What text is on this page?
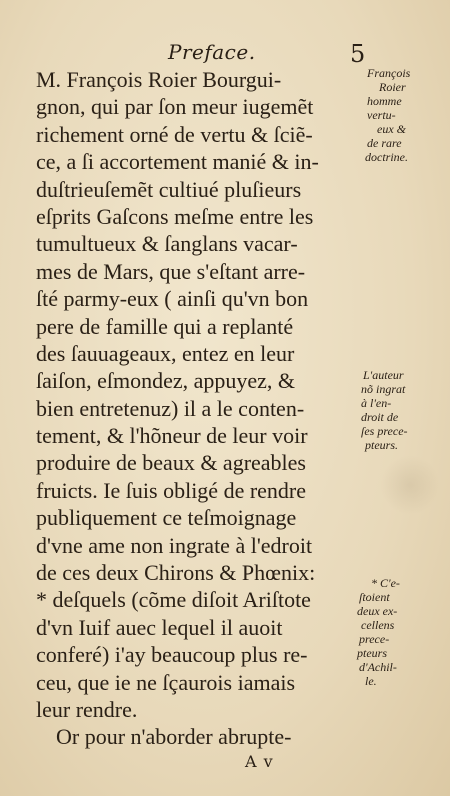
Preface.	5
M. François Roier Bourgui-
gnon, qui par ſon meur iugemẽt
richement orné de vertu & ſciẽ-
ce, a ſi accortement manié & in-
duſtrieuſemẽt cultiué pluſieurs
eſprits Gaſcons meſme entre les
tumultueux & ſanglans vacar-
mes de Mars, que s'eſtant arre-
ſté parmy-eux ( ainſi qu'vn bon
pere de famille qui a replanté
des ſauuageaux, entez en leur
ſaiſon, eſmondez, appuyez, &
bien entretenuz) il a le conten-
tement, & l'hõneur de leur voir
produire de beaux & agreables
fruicts. Ie ſuis obligé de rendre
publiquement ce teſmoignage
d'vne ame non ingrate à l'edroit
de ces deux Chirons & Phœnix:
* deſquels (cõme diſoit Ariſtote
d'vn Iuif auec lequel il auoit
conferé) i'ay beaucoup plus re-
ceu, que ie ne ſçaurois iamais
leur rendre.
Or pour n'aborder abrupte-
François
Roier
homme
vertu-
eux &
de rare
doctrine.
L'auteur
nõ ingrat
à l'en-
droit de
ſes prece-
pteurs.
* C'e-
ſtoient
deux ex-
cellens
prece-
pteurs
d'Achil-
le.
A v
